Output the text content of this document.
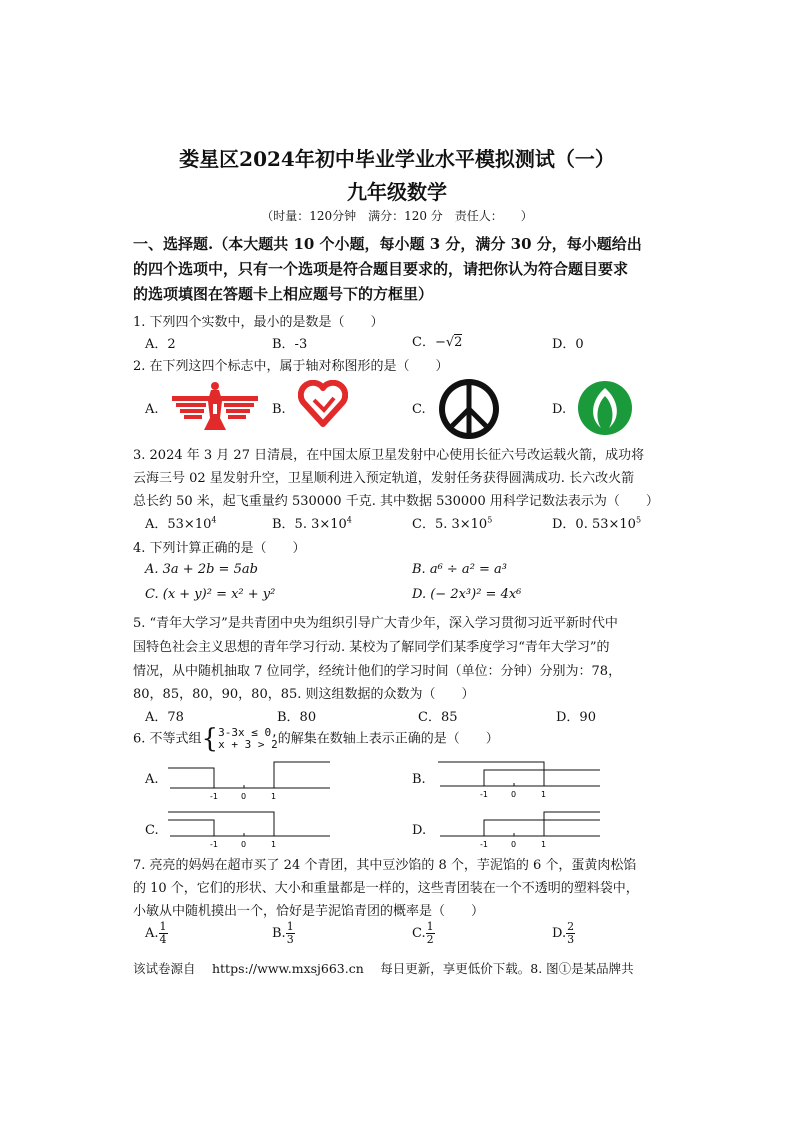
娄星区2024年初中毕业学业水平模拟测试（一）
九年级数学
（时量：120分钟　满分：120 分　责任人：　　）
一、选择题.（本大题共 10 个小题，每小题 3 分，满分 30 分，每小题给出
的四个选项中，只有一个选项是符合题目要求的，请把你认为符合题目要求
的选项填图在答题卡上相应题号下的方框里）
1. 下列四个实数中，最小的是数是（　　）
A．2	B．-3	C．−√2	D．0
2. 在下列这四个标志中，属于轴对称图形的是（　　）
A.	B.	C.	D.
3. 2024 年 3 月 27 日清晨，在中国太原卫星发射中心使用长征六号改运载火箭，成功将
云海三号 02 星发射升空，卫星顺利进入预定轨道，发射任务获得圆满成功. 长六改火箭
总长约 50 米，起飞重量约 530000 千克. 其中数据 530000 用科学记数法表示为（　　）
A．$53\times 10^4$	B．5. $3\times 10^4$	C．5. $3\times 10^5$	D．0. $53\times 10^5$
4. 下列计算正确的是（　　）
A. 3a + 2b = 5ab	B. a⁶ ÷ a² = a³
C. (x + y)² = x² + y²	D. (− 2x³)² = 4x⁶
5. “青年大学习”是共青团中央为组织引导广大青少年，深入学习贯彻习近平新时代中
国特色社会主义思想的青年学习行动. 某校为了解同学们某季度学习“青年大学习”的
情况，从中随机抽取 7 位同学，经统计他们的学习时间（单位：分钟）分别为：78，
80，85，80，90，80，85. 则这组数据的众数为（　　）
A．78	B．80	C．85	D．90
6. 不等式组 { 3-3x ≤ 0,
x + 3 > 2 的解集在数轴上表示正确的是（　　）
A.
-1	0	1
B.
-1	0	1
C.
-1	0	1
D.
-1	0	1
7. 亮亮的妈妈在超市买了 24 个青团，其中豆沙馅的 8 个，芋泥馅的 6 个，蛋黄肉松馅
的 10 个，它们的形状、大小和重量都是一样的，这些青团装在一个不透明的塑料袋中，
小敏从中随机摸出一个，恰好是芋泥馅青团的概率是（　　）
A. $\frac{1}{4}$	B. $\frac{1}{3}$	C. $\frac{1}{2}$	D. $\frac{2}{3}$
该试卷源自　 https://www.mxsj663.cn　 每日更新，享更低价下载。8. 图①是某品牌共
